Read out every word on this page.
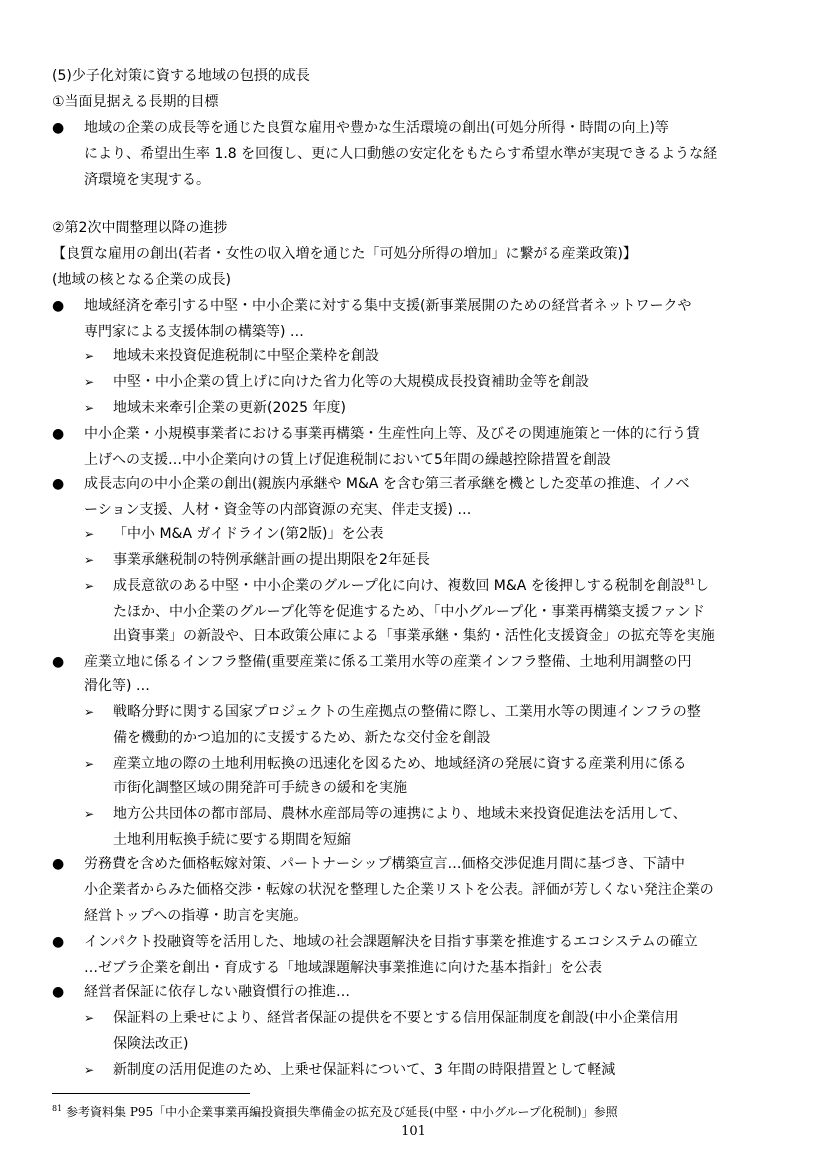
(5)少子化対策に資する地域の包摂的成長
①当面見据える長期的目標
● 地域の企業の成長等を通じた良質な雇用や豊かな生活環境の創出(可処分所得・時間の向上)等
により、希望出生率 1.8 を回復し、更に人口動態の安定化をもたらす希望水準が実現できるような経
済環境を実現する。
②第2次中間整理以降の進捗
【良質な雇用の創出(若者・女性の収入増を通じた「可処分所得の増加」に繋がる産業政策)】
(地域の核となる企業の成長)
● 地域経済を牽引する中堅・中小企業に対する集中支援(新事業展開のための経営者ネットワークや
専門家による支援体制の構築等) …
➢ 地域未来投資促進税制に中堅企業枠を創設
➢ 中堅・中小企業の賃上げに向けた省力化等の大規模成長投資補助金等を創設
➢ 地域未来牽引企業の更新(2025 年度)
● 中小企業・小規模事業者における事業再構築・生産性向上等、及びその関連施策と一体的に行う賃
上げへの支援…中小企業向けの賃上げ促進税制において5年間の繰越控除措置を創設
● 成長志向の中小企業の創出(親族内承継や M&A を含む第三者承継を機とした変革の推進、イノベ
ーション支援、人材・資金等の内部資源の充実、伴走支援) …
➢ 「中小 M&A ガイドライン(第2版)」を公表
➢ 事業承継税制の特例承継計画の提出期限を2年延長
➢ 成長意欲のある中堅・中小企業のグループ化に向け、複数回 M&A を後押しする税制を創設$^{81}$し
たほか、中小企業のグループ化等を促進するため、「中小グループ化・事業再構築支援ファンド
出資事業」の新設や、日本政策公庫による「事業承継・集約・活性化支援資金」の拡充等を実施
● 産業立地に係るインフラ整備(重要産業に係る工業用水等の産業インフラ整備、土地利用調整の円
滑化等) …
➢ 戦略分野に関する国家プロジェクトの生産拠点の整備に際し、工業用水等の関連インフラの整
備を機動的かつ追加的に支援するため、新たな交付金を創設
➢ 産業立地の際の土地利用転換の迅速化を図るため、地域経済の発展に資する産業利用に係る
市街化調整区域の開発許可手続きの緩和を実施
➢ 地方公共団体の都市部局、農林水産部局等の連携により、地域未来投資促進法を活用して、
土地利用転換手続に要する期間を短縮
● 労務費を含めた価格転嫁対策、パートナーシップ構築宣言…価格交渉促進月間に基づき、下請中
小企業者からみた価格交渉・転嫁の状況を整理した企業リストを公表。評価が芳しくない発注企業の
経営トップへの指導・助言を実施。
● インパクト投融資等を活用した、地域の社会課題解決を目指す事業を推進するエコシステムの確立
…ゼブラ企業を創出・育成する「地域課題解決事業推進に向けた基本指針」を公表
● 経営者保証に依存しない融資慣行の推進…
➢ 保証料の上乗せにより、経営者保証の提供を不要とする信用保証制度を創設(中小企業信用
保険法改正)
➢ 新制度の活用促進のため、上乗せ保証料について、3 年間の時限措置として軽減
$^{81}$ 参考資料集 P95「中小企業事業再編投資損失準備金の拡充及び延長(中堅・中小グループ化税制)」参照
101
